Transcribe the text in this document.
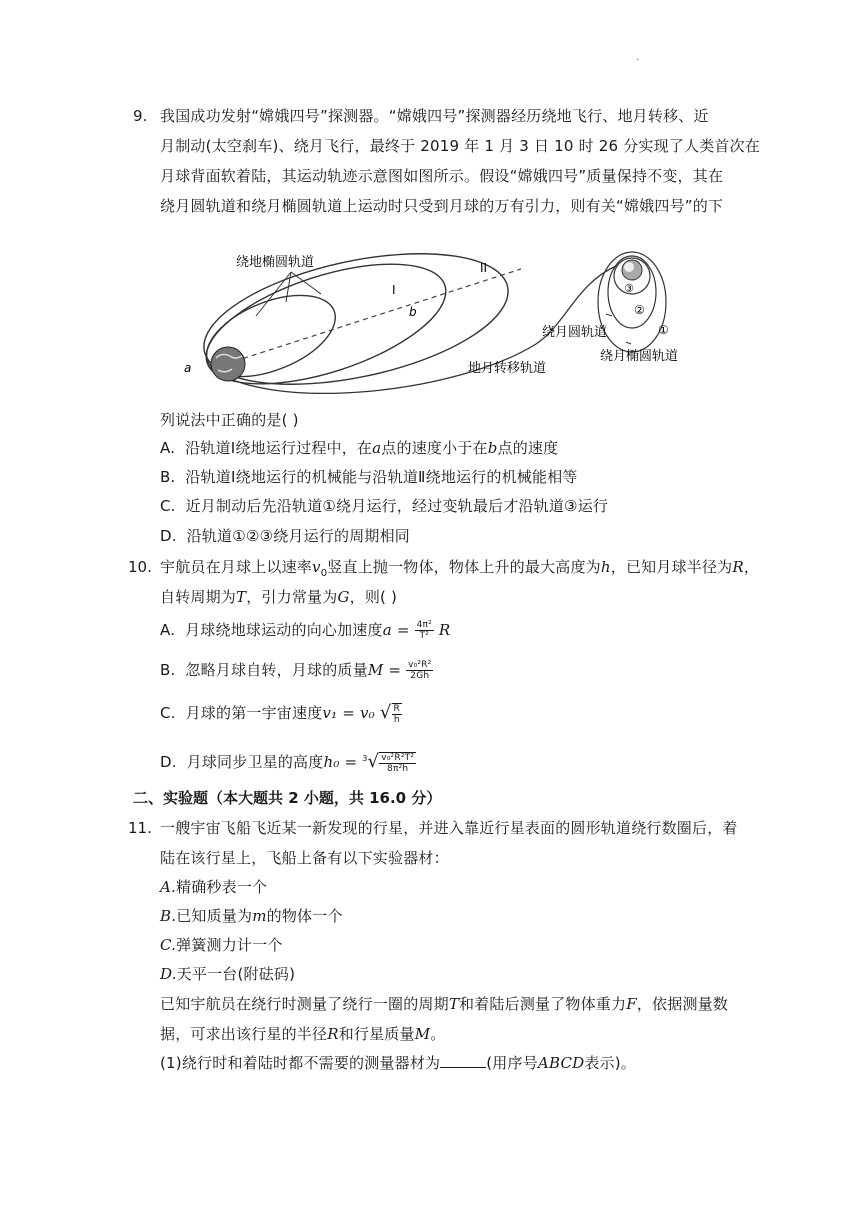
.
9. 我国成功发射“嫦娥四号”探测器。“嫦娥四号”探测器经历绕地飞行、地月转移、近
月制动(太空刹车)、绕月飞行，最终于 2019 年 1 月 3 日 10 时 26 分实现了人类首次在
月球背面软着陆，其运动轨迹示意图如图所示。假设“嫦娥四号”质量保持不变，其在
绕月圆轨道和绕月椭圆轨道上运动时只受到月球的万有引力，则有关“嫦娥四号”的下
绕地椭圆轨道
I
II
a
b
地月转移轨道
绕月圆轨道
绕月椭圆轨道
①
②
③
列说法中正确的是( )
A. 沿轨道Ⅰ绕地运行过程中，在a点的速度小于在b点的速度
B. 沿轨道Ⅰ绕地运行的机械能与沿轨道Ⅱ绕地运行的机械能相等
C. 近月制动后先沿轨道①绕月运行，经过变轨最后才沿轨道③运行
D. 沿轨道①②③绕月运行的周期相同
10. 宇航员在月球上以速率$v_0$竖直上抛一物体，物体上升的最大高度为h，已知月球半径为R，
自转周期为T，引力常量为G，则( )
A. 月球绕地球运动的向心加速度$a = \frac{\text{4π²}}{\text{T²}}$ R
B. 忽略月球自转，月球的质量$M = \frac{\text{v₀²R²}}{2Gh}$
C. 月球的第一宇宙速度v₁ = v₀ √ $\frac{R}{h}$
D. 月球同步卫星的高度$h_0 = ^3√ \frac{\text{v₀²R²T²}}{\text{8π²h}}$
二、实验题（本大题共 2 小题，共 16.0 分）
11. 一艘宇宙飞船飞近某一新发现的行星，并进入靠近行星表面的圆形轨道绕行数圈后，着
陆在该行星上，飞船上备有以下实验器材：
A.精确秒表一个
B.已知质量为m的物体一个
C.弹簧测力计一个
D.天平一台(附砝码)
已知宇航员在绕行时测量了绕行一圈的周期T和着陆后测量了物体重力F，依据测量数
据，可求出该行星的半径R和行星质量M。
(1)绕行时和着陆时都不需要的测量器材为	(用序号ABCD表示)。
